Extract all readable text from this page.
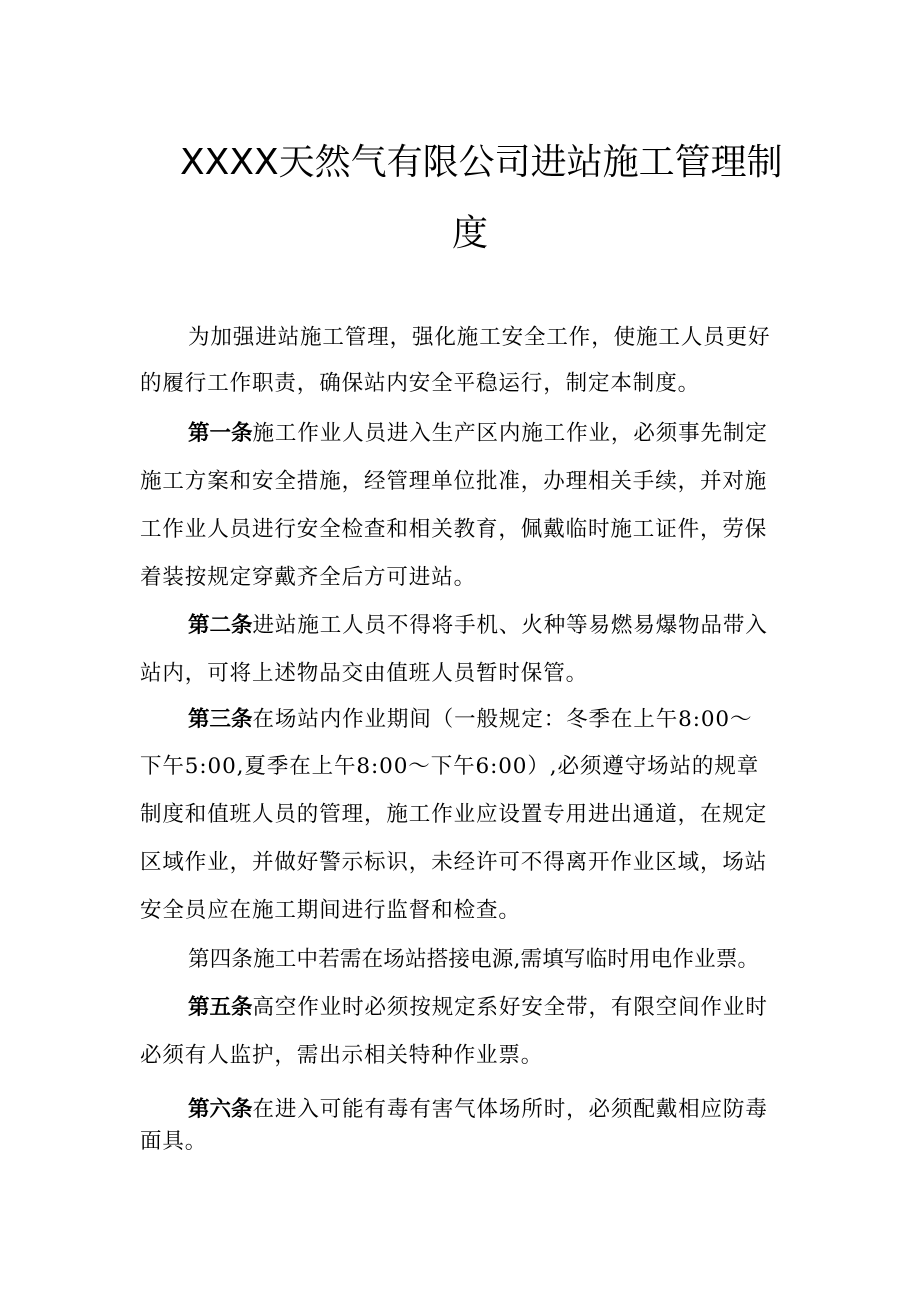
XXXX天然气有限公司进站施工管理制
度
为加强进站施工管理，强化施工安全工作，使施工人员更好
的履行工作职责，确保站内安全平稳运行，制定本制度。
第一条施工作业人员进入生产区内施工作业，必须事先制定
施工方案和安全措施，经管理单位批准，办理相关手续，并对施
工作业人员进行安全检查和相关教育，佩戴临时施工证件，劳保
着装按规定穿戴齐全后方可进站。
第二条进站施工人员不得将手机、火种等易燃易爆物品带入
站内，可将上述物品交由值班人员暂时保管。
第三条在场站内作业期间（一般规定：冬季在上午8:00～
下午5:00,夏季在上午8:00～下午6:00）,必须遵守场站的规章
制度和值班人员的管理，施工作业应设置专用进出通道，在规定
区域作业，并做好警示标识，未经许可不得离开作业区域，场站
安全员应在施工期间进行监督和检查。
第四条施工中若需在场站搭接电源,需填写临时用电作业票。
第五条高空作业时必须按规定系好安全带，有限空间作业时
必须有人监护，需出示相关特种作业票。
第六条在进入可能有毒有害气体场所时，必须配戴相应防毒
面具。
